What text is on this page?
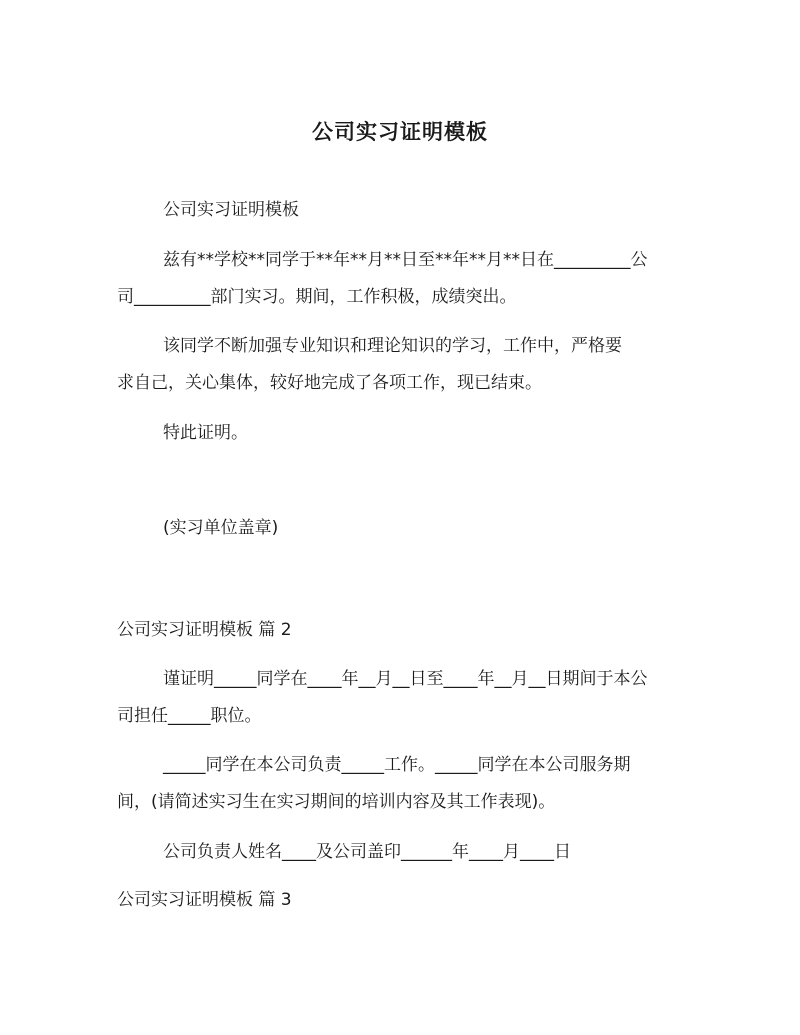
公司实习证明模板
公司实习证明模板
兹有**学校**同学于**年**月**日至**年**月**日在_________公
司_________部门实习。期间，工作积极，成绩突出。
该同学不断加强专业知识和理论知识的学习，工作中，严格要
求自己，关心集体，较好地完成了各项工作，现已结束。
特此证明。
(实习单位盖章)
公司实习证明模板 篇 2
谨证明_____同学在____年__月__日至____年__月__日期间于本公
司担任_____职位。
_____同学在本公司负责_____工作。_____同学在本公司服务期
间，(请简述实习生在实习期间的培训内容及其工作表现)。
公司负责人姓名____及公司盖印______年____月____日
公司实习证明模板 篇 3
